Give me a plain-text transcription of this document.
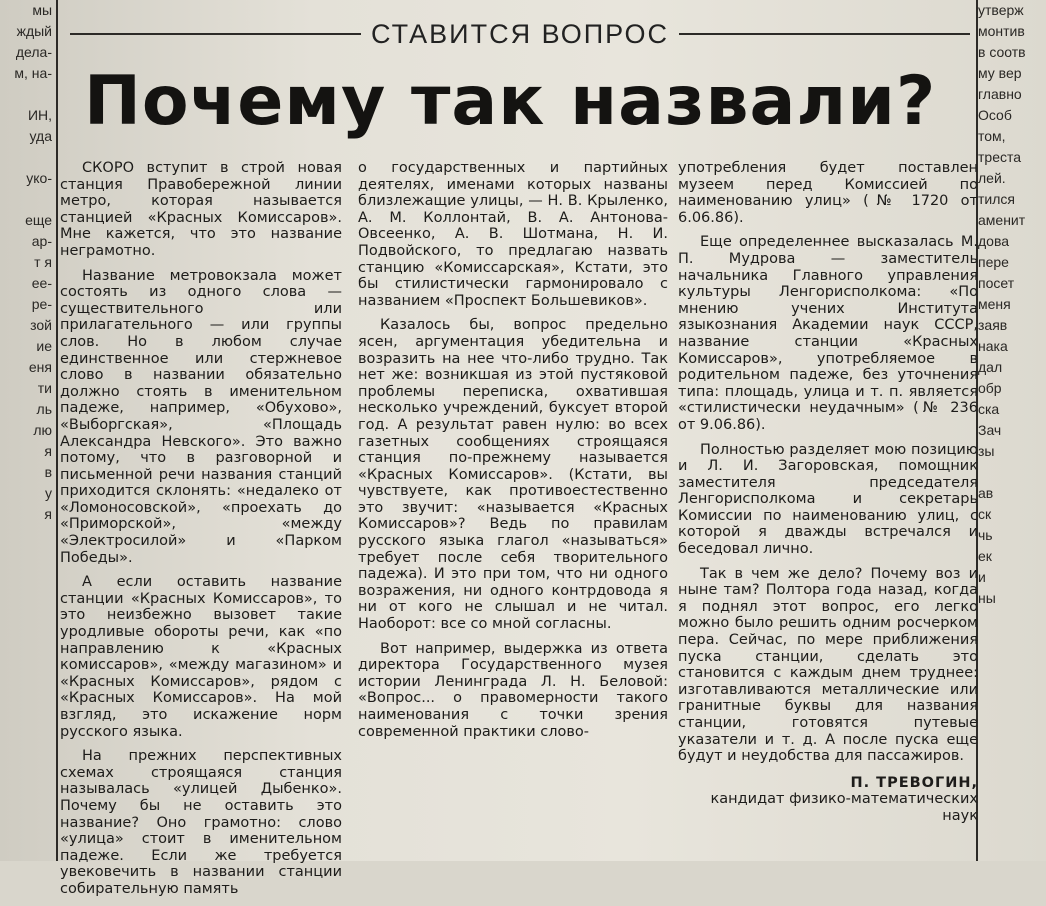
мы
ждый
дела-
м, на-

ИН,
уда

уко-

еще
ар-
т я
ее-
ре-
зой
ие
еня
ти
ль
лю
я
в
у
я
утверж
монтив
в соотв
му вер
главно
Особ
том,
треста
лей.
тился
аменит
дова
пере
посет
меня
заяв
нака
дал
обр
ска
Зач
зы

ав
ск
чь
ек
и
ны
СТАВИТСЯ ВОПРОС
Почему так назвали?

СКОРО вступит в строй новая станция Правобережной линии метро, которая называется станцией «Красных Комиссаров». Мне кажется, что это название неграмотно.

Название метровокзала может состоять из одного слова — существительного или прилагательного — или группы слов. Но в любом случае единственное или стержневое слово в названии обязательно должно стоять в именительном падеже, например, «Обухово», «Выборгская», «Площадь Александра Невского». Это важно потому, что в разговорной и письменной речи названия станций приходится склонять: «недалеко от «Ломоносовской», «проехать до «Приморской», «между «Электросилой» и «Парком Победы».

А если оставить название станции «Красных Комиссаров», то это неизбежно вызовет такие уродливые обороты речи, как «по направлению к «Красных комиссаров», «между магазином» и «Красных Комиссаров», рядом с «Красных Комиссаров». На мой взгляд, это искажение норм русского языка.

На прежних перспективных схемах строящаяся станция называлась «улицей Дыбенко». Почему бы не оставить это название? Оно грамотно: слово «улица» стоит в именительном падеже. Если же требуется увековечить в названии станции собирательную память

о государственных и партийных деятелях, именами которых названы близлежащие улицы, — Н. В. Крыленко, А. М. Коллонтай, В. А. Антонова-Овсеенко, А. В. Шотмана, Н. И. Подвойского, то предлагаю назвать станцию «Комиссарская», Кстати, это бы стилистически гармонировало с названием «Проспект Большевиков».

Казалось бы, вопрос предельно ясен, аргументация убедительна и возразить на нее что-либо трудно. Так нет же: возникшая из этой пустяковой проблемы переписка, охватившая несколько учреждений, буксует второй год. А результат равен нулю: во всех газетных сообщениях строящаяся станция по-прежнему называется «Красных Комиссаров». (Кстати, вы чувствуете, как противоестественно это звучит: «называется «Красных Комиссаров»? Ведь по правилам русского языка глагол «называться» требует после себя творительного падежа). И это при том, что ни одного возражения, ни одного контрдовода я ни от кого не слышал и не читал. Наоборот: все со мной согласны.

Вот например, выдержка из ответа директора Государственного музея истории Ленинграда Л. Н. Беловой: «Вопрос... о правомерности такого наименования с точки зрения современной практики слово-

употребления будет поставлен музеем перед Комиссией по наименованию улиц» (№ 1720 от 6.06.86).

Еще определеннее высказалась М. П. Мудрова — заместитель начальника Главного управления культуры Ленгорисполкома: «По мнению учених Института языкознания Академии наук СССР, название станции «Красных Комиссаров», употребляемое в родительном падеже, без уточнения типа: площадь, улица и т. п. является «стилистически неудачным» (№ 236 от 9.06.86).

Полностью разделяет мою позицию и Л. И. Загоровская, помощник заместителя председателя Ленгорисполкома и секретарь Комиссии по наименованию улиц, с которой я дважды встречался и беседовал лично.

Так в чем же дело? Почему воз и ныне там? Полтора года назад, когда я поднял этот вопрос, его легко можно было решить одним росчерком пера. Сейчас, по мере приближения пуска станции, сделать это становится с каждым днем труднее: изготавливаются металлические или гранитные буквы для названия станции, готовятся путевые указатели и т. д. А после пуска еще будут и неудобства для пассажиров.

П. ТРЕВОГИН,
кандидат физико-математических наук
